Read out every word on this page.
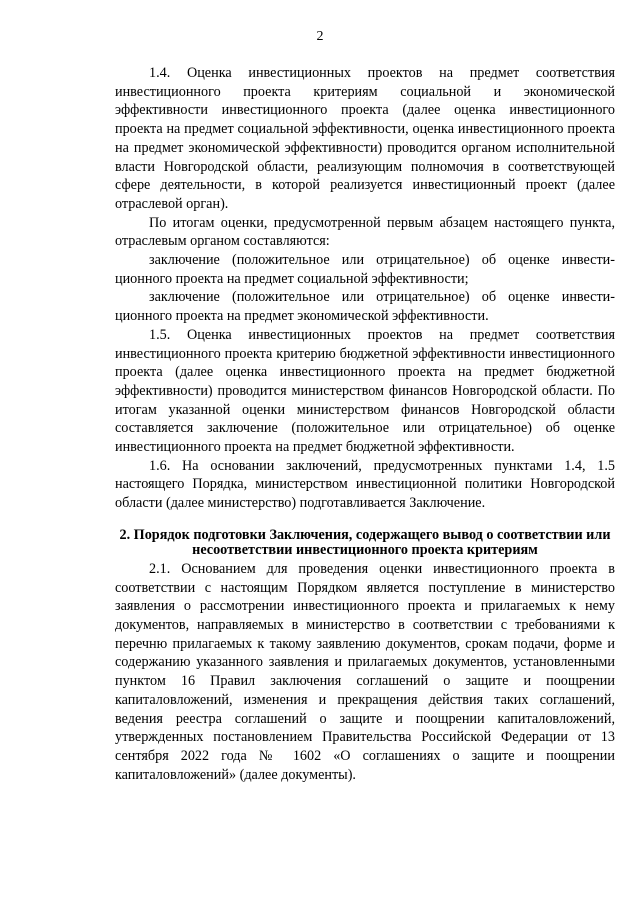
2

1.4. Оценка инвестиционных проектов на предмет соответствия инвестиционного проекта критериям социальной и экономической эффективности инвестиционного проекта (далее оценка инвестиционного проекта на предмет социальной эффективности, оценка инвестиционного проекта на предмет экономической эффективности) проводится органом исполнительной власти Новгородской области, реализующим полномочия в соответствующей сфере деятельности, в которой реализуется инвестиционный проект (далее отраслевой орган).

По итогам оценки, предусмотренной первым абзацем настоящего пункта, отраслевым органом составляются:

заключение (положительное или отрицательное) об оценке инвестиционного проекта на предмет социальной эффективности;

заключение (положительное или отрицательное) об оценке инвестиционного проекта на предмет экономической эффективности.

1.5. Оценка инвестиционных проектов на предмет соответствия инвестиционного проекта критерию бюджетной эффективности инвестиционного проекта (далее оценка инвестиционного проекта на предмет бюджетной эффективности) проводится министерством финансов Новгородской области. По итогам указанной оценки министерством финансов Новгородской области составляется заключение (положительное или отрицательное) об оценке инвестиционного проекта на предмет бюджетной эффективности.

1.6. На основании заключений, предусмотренных пунктами 1.4, 1.5 настоящего Порядка, министерством инвестиционной политики Новгородской области (далее министерство) подготавливается Заключение.

2. Порядок подготовки Заключения, содержащего вывод о соответствии или несоответствии инвестиционного проекта критериям

2.1. Основанием для проведения оценки инвестиционного проекта в соответствии с настоящим Порядком является поступление в министерство заявления о рассмотрении инвестиционного проекта и прилагаемых к нему документов, направляемых в министерство в соответствии с требованиями к перечню прилагаемых к такому заявлению документов, срокам подачи, форме и содержанию указанного заявления и прилагаемых документов, установленными пунктом 16 Правил заключения соглашений о защите и поощрении капиталовложений, изменения и прекращения действия таких соглашений, ведения реестра соглашений о защите и поощрении капиталовложений, утвержденных постановлением Правительства Российской Федерации от 13 сентября 2022 года № 1602 «О соглашениях о защите и поощрении капиталовложений» (далее документы).
